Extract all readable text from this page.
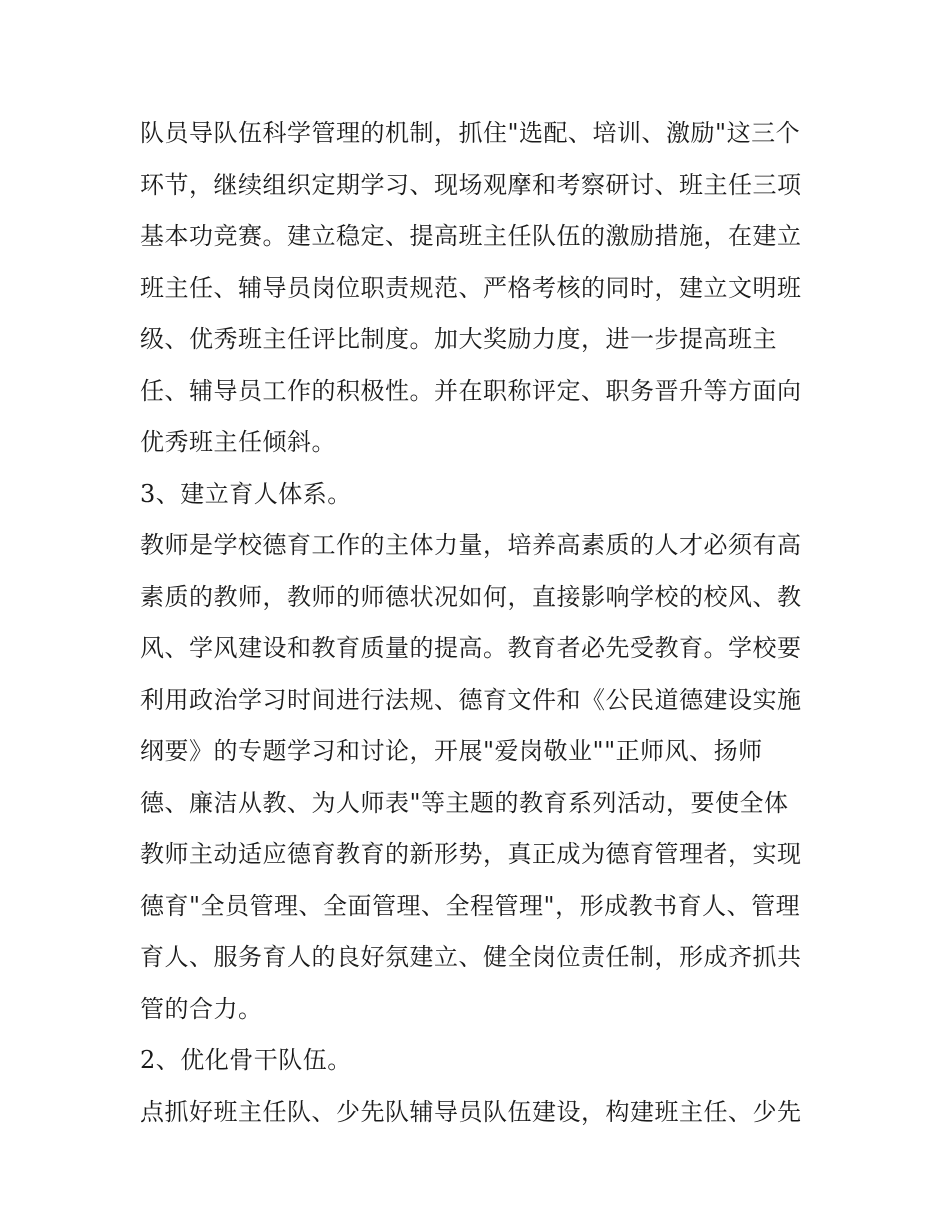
队员导队伍科学管理的机制，抓住"选配、培训、激励"这三个

环节，继续组织定期学习、现场观摩和考察研讨、班主任三项

基本功竞赛。建立稳定、提高班主任队伍的激励措施，在建立

班主任、辅导员岗位职责规范、严格考核的同时，建立文明班

级、优秀班主任评比制度。加大奖励力度，进一步提高班主

任、辅导员工作的积极性。并在职称评定、职务晋升等方面向

优秀班主任倾斜。

3、建立育人体系。

教师是学校德育工作的主体力量，培养高素质的人才必须有高

素质的教师，教师的师德状况如何，直接影响学校的校风、教

风、学风建设和教育质量的提高。教育者必先受教育。学校要

利用政治学习时间进行法规、德育文件和《公民道德建设实施

纲要》的专题学习和讨论，开展"爱岗敬业""正师风、扬师

德、廉洁从教、为人师表"等主题的教育系列活动，要使全体

教师主动适应德育教育的新形势，真正成为德育管理者，实现

德育"全员管理、全面管理、全程管理"，形成教书育人、管理

育人、服务育人的良好氛建立、健全岗位责任制，形成齐抓共

管的合力。

2、优化骨干队伍。

点抓好班主任队、少先队辅导员队伍建设，构建班主任、少先
